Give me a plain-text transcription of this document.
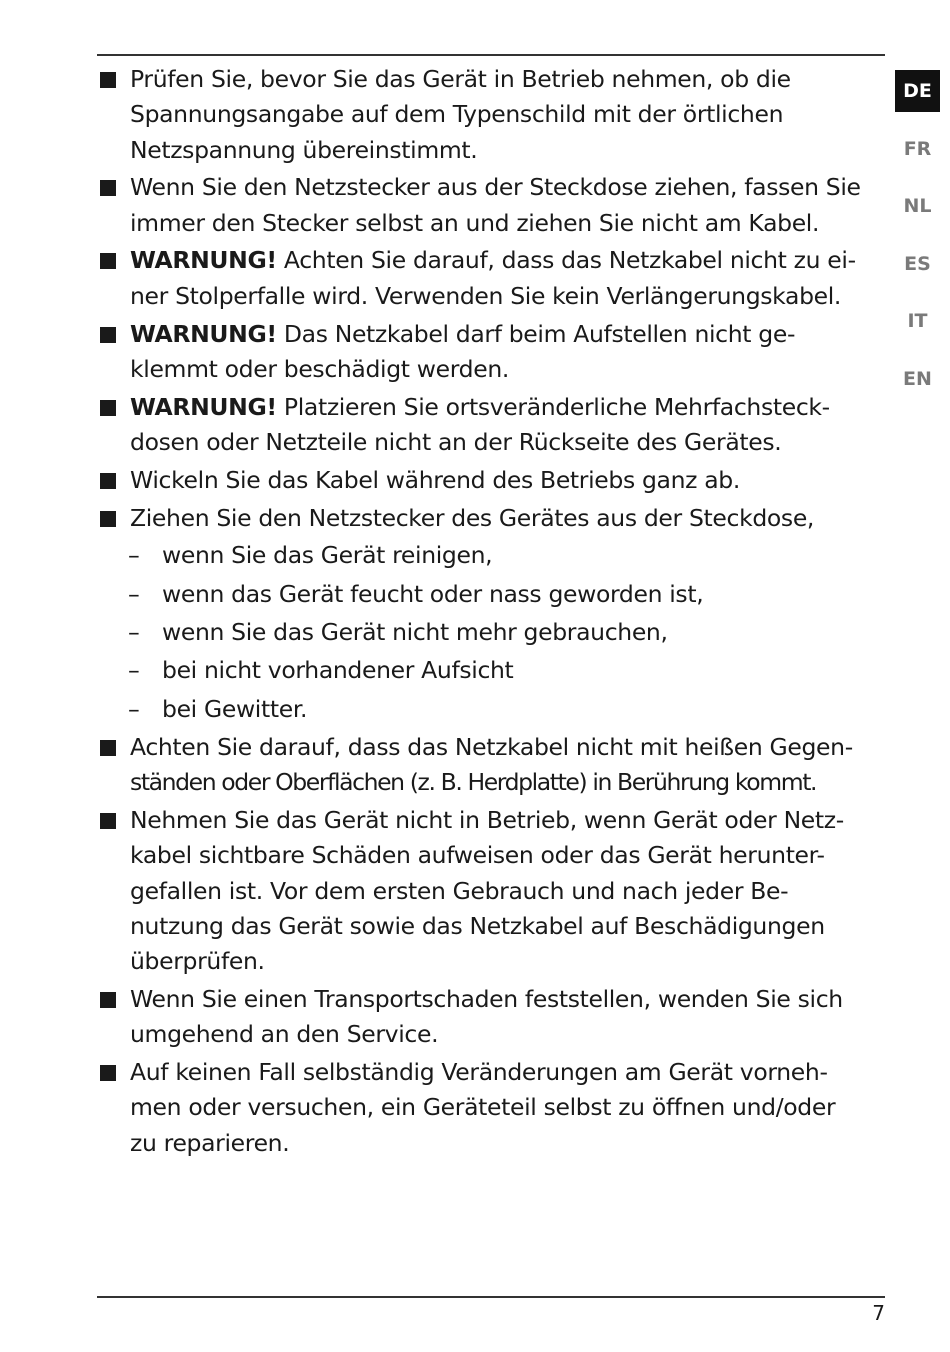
Prüfen Sie, bevor Sie das Gerät in Betrieb nehmen, ob die
Spannungsangabe auf dem Typenschild mit der örtlichen
Netzspannung übereinstimmt.
Wenn Sie den Netzstecker aus der Steckdose ziehen, fassen Sie
immer den Stecker selbst an und ziehen Sie nicht am Kabel.
WARNUNG! Achten Sie darauf, dass das Netzkabel nicht zu ei-
ner Stolperfalle wird. Verwenden Sie kein Verlängerungskabel.
WARNUNG! Das Netzkabel darf beim Aufstellen nicht ge-
klemmt oder beschädigt werden.
WARNUNG! Platzieren Sie ortsveränderliche Mehrfachsteck-
dosen oder Netzteile nicht an der Rückseite des Gerätes.
Wickeln Sie das Kabel während des Betriebs ganz ab.
Ziehen Sie den Netzstecker des Gerätes aus der Steckdose,
– wenn Sie das Gerät reinigen,
– wenn das Gerät feucht oder nass geworden ist,
– wenn Sie das Gerät nicht mehr gebrauchen,
– bei nicht vorhandener Aufsicht
– bei Gewitter.
Achten Sie darauf, dass das Netzkabel nicht mit heißen Gegen-
ständen oder Oberflächen (z. B. Herdplatte) in Berührung kommt.
Nehmen Sie das Gerät nicht in Betrieb, wenn Gerät oder Netz-
kabel sichtbare Schäden aufweisen oder das Gerät herunter-
gefallen ist. Vor dem ersten Gebrauch und nach jeder Be-
nutzung das Gerät sowie das Netzkabel auf Beschädigungen
überprüfen.
Wenn Sie einen Transportschaden feststellen, wenden Sie sich
umgehend an den Service.
Auf keinen Fall selbständig Veränderungen am Gerät vorneh-
men oder versuchen, ein Geräteteil selbst zu öffnen und/oder
zu reparieren.
DE
FR
NL
ES
IT
EN
7
